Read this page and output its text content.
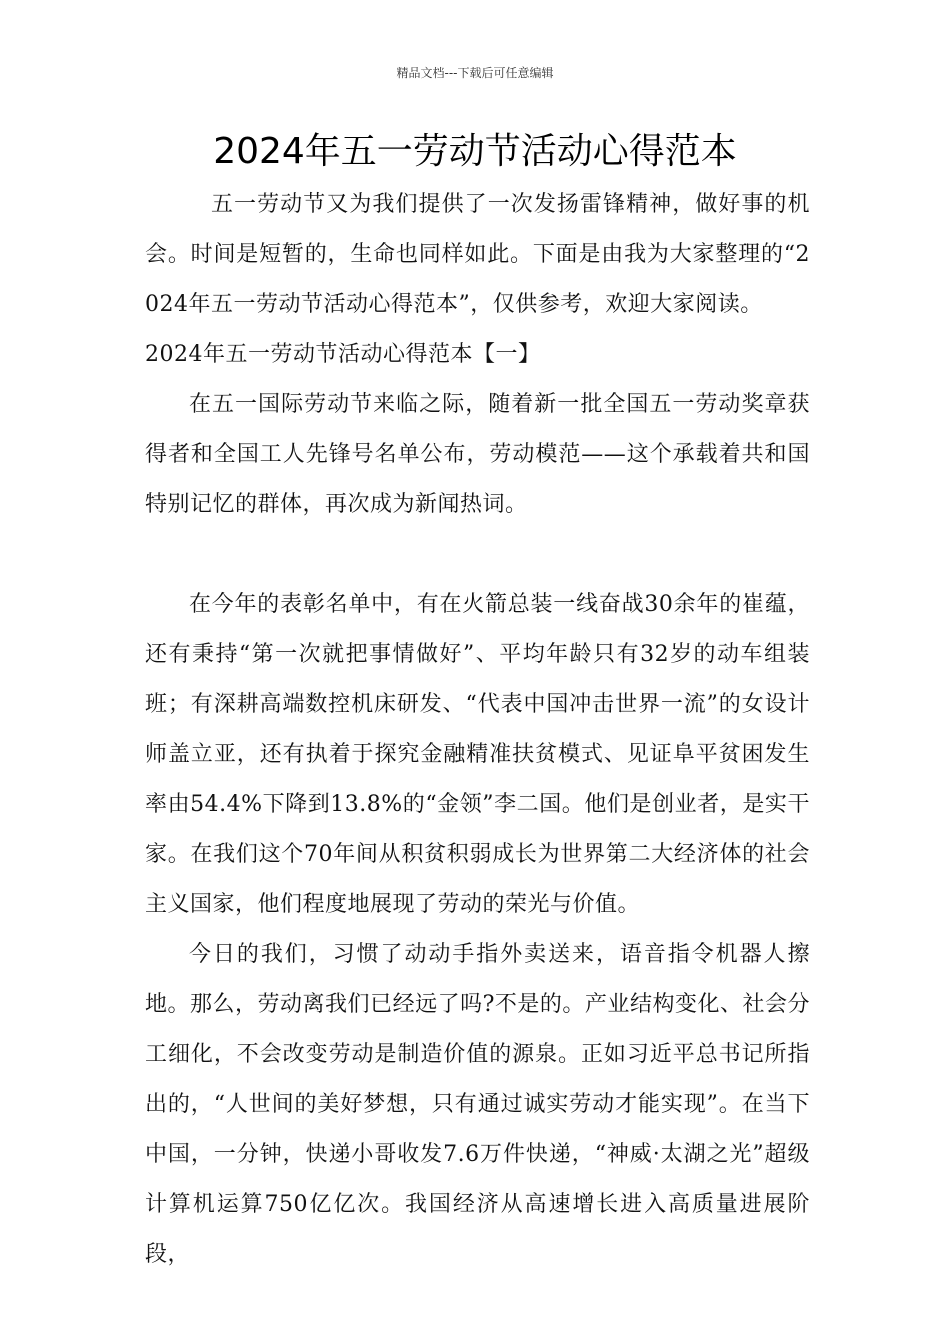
精品文档---下载后可任意编辑
2024年五一劳动节活动心得范本

五一劳动节又为我们提供了一次发扬雷锋精神，做好事的机会。时间是短暂的，生命也同样如此。下面是由我为大家整理的“2024年五一劳动节活动心得范本”，仅供参考，欢迎大家阅读。

2024年五一劳动节活动心得范本【一】

在五一国际劳动节来临之际，随着新一批全国五一劳动奖章获得者和全国工人先锋号名单公布，劳动模范——这个承载着共和国特别记忆的群体，再次成为新闻热词。

在今年的表彰名单中，有在火箭总装一线奋战30余年的崔蕴，还有秉持“第一次就把事情做好”、平均年龄只有32岁的动车组装班；有深耕高端数控机床研发、“代表中国冲击世界一流”的女设计师盖立亚，还有执着于探究金融精准扶贫模式、见证阜平贫困发生率由54.4%下降到13.8%的“金领”李二国。他们是创业者，是实干家。在我们这个70年间从积贫积弱成长为世界第二大经济体的社会主义国家，他们程度地展现了劳动的荣光与价值。

今日的我们，习惯了动动手指外卖送来，语音指令机器人擦地。那么，劳动离我们已经远了吗?不是的。产业结构变化、社会分工细化，不会改变劳动是制造价值的源泉。正如习近平总书记所指出的，“人世间的美好梦想，只有通过诚实劳动才能实现”。在当下中国，一分钟，快递小哥收发7.6万件快递，“神威·太湖之光”超级计算机运算750亿亿次。我国经济从高速增长进入高质量进展阶段，
